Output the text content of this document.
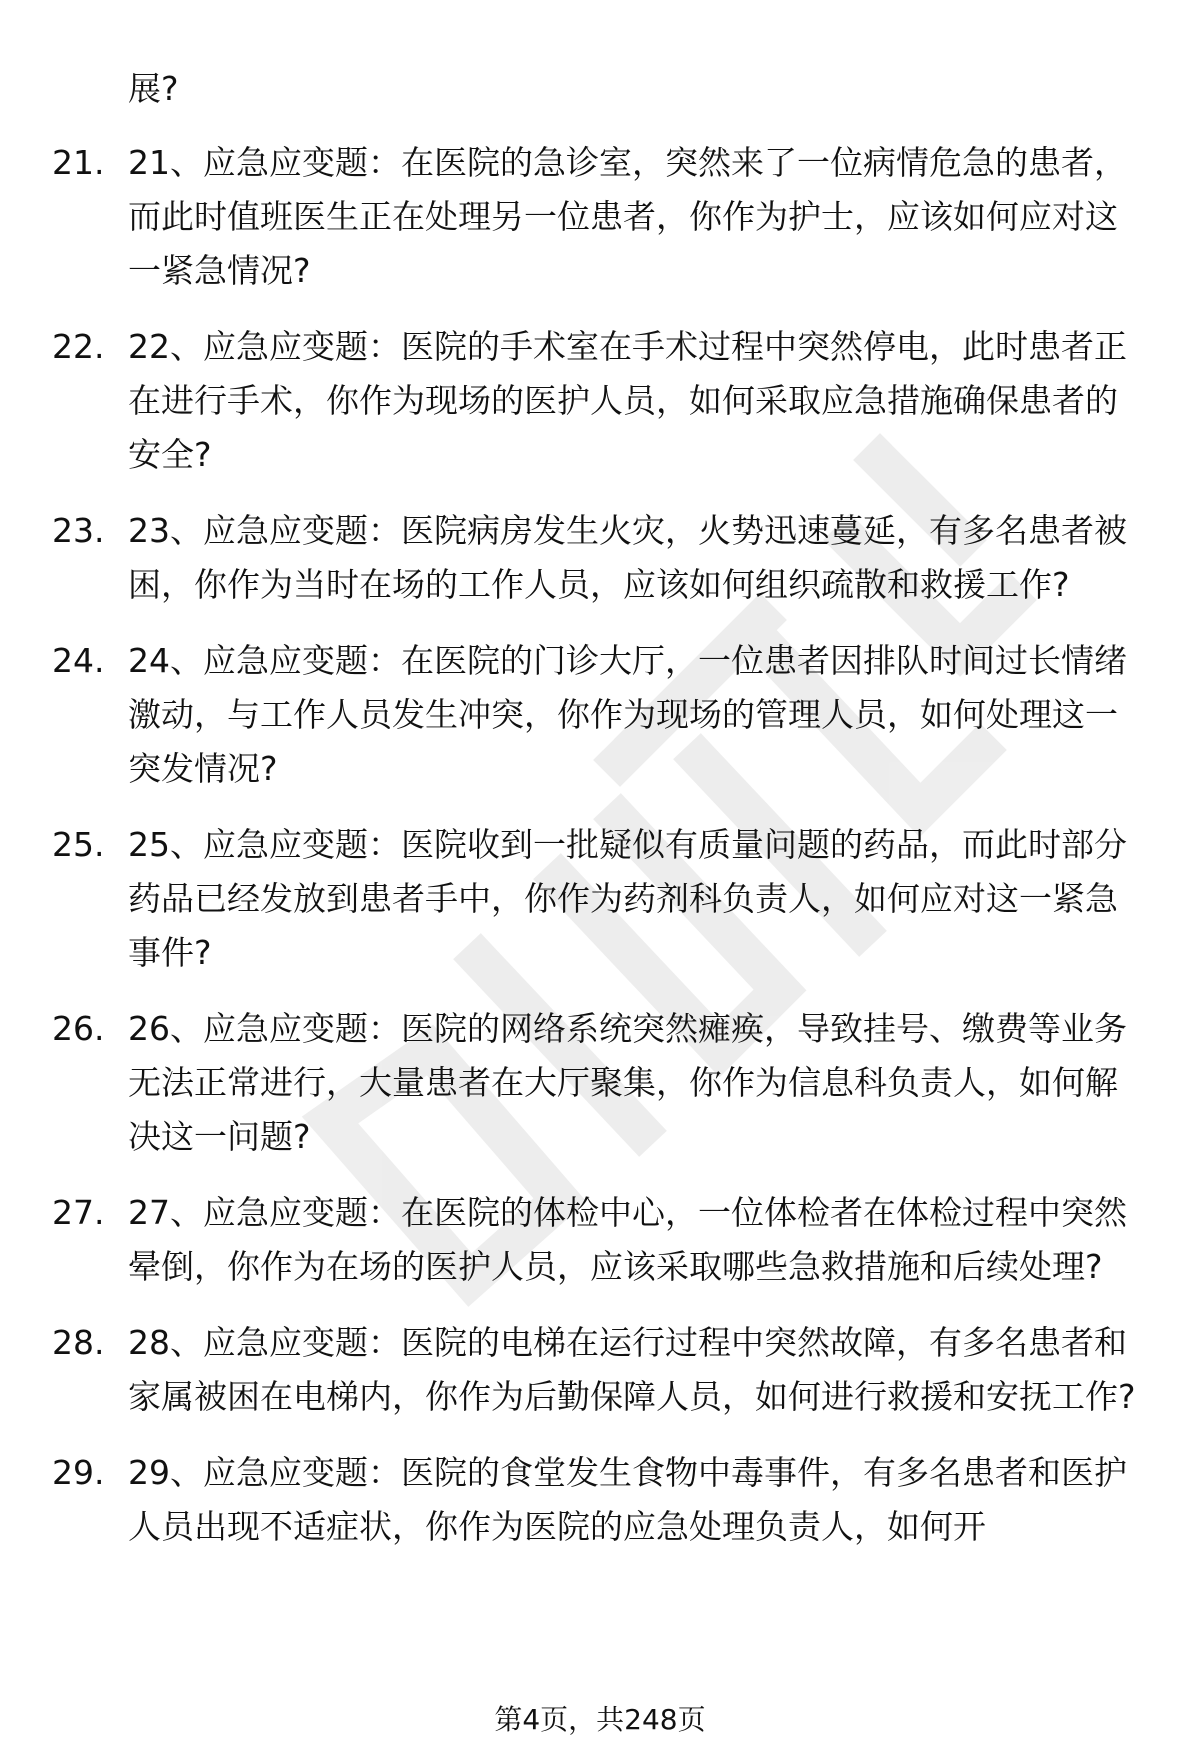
展?

21. 21、应急应变题：在医院的急诊室，突然来了一位病情危急的患者，而此时值班医生正在处理另一位患者，你作为护士，应该如何应对这一紧急情况?
22. 22、应急应变题：医院的手术室在手术过程中突然停电，此时患者正在进行手术，你作为现场的医护人员，如何采取应急措施确保患者的安全?
23. 23、应急应变题：医院病房发生火灾，火势迅速蔓延，有多名患者被困，你作为当时在场的工作人员，应该如何组织疏散和救援工作?
24. 24、应急应变题：在医院的门诊大厅，一位患者因排队时间过长情绪激动，与工作人员发生冲突，你作为现场的管理人员，如何处理这一突发情况?
25. 25、应急应变题：医院收到一批疑似有质量问题的药品，而此时部分药品已经发放到患者手中，你作为药剂科负责人，如何应对这一紧急事件?
26. 26、应急应变题：医院的网络系统突然瘫痪，导致挂号、缴费等业务无法正常进行，大量患者在大厅聚集，你作为信息科负责人，如何解决这一问题?
27. 27、应急应变题：在医院的体检中心，一位体检者在体检过程中突然晕倒，你作为在场的医护人员，应该采取哪些急救措施和后续处理?
28. 28、应急应变题：医院的电梯在运行过程中突然故障，有多名患者和家属被困在电梯内，你作为后勤保障人员，如何进行救援和安抚工作?
29. 29、应急应变题：医院的食堂发生食物中毒事件，有多名患者和医护人员出现不适症状，你作为医院的应急处理负责人，如何开
第4页，共248页
